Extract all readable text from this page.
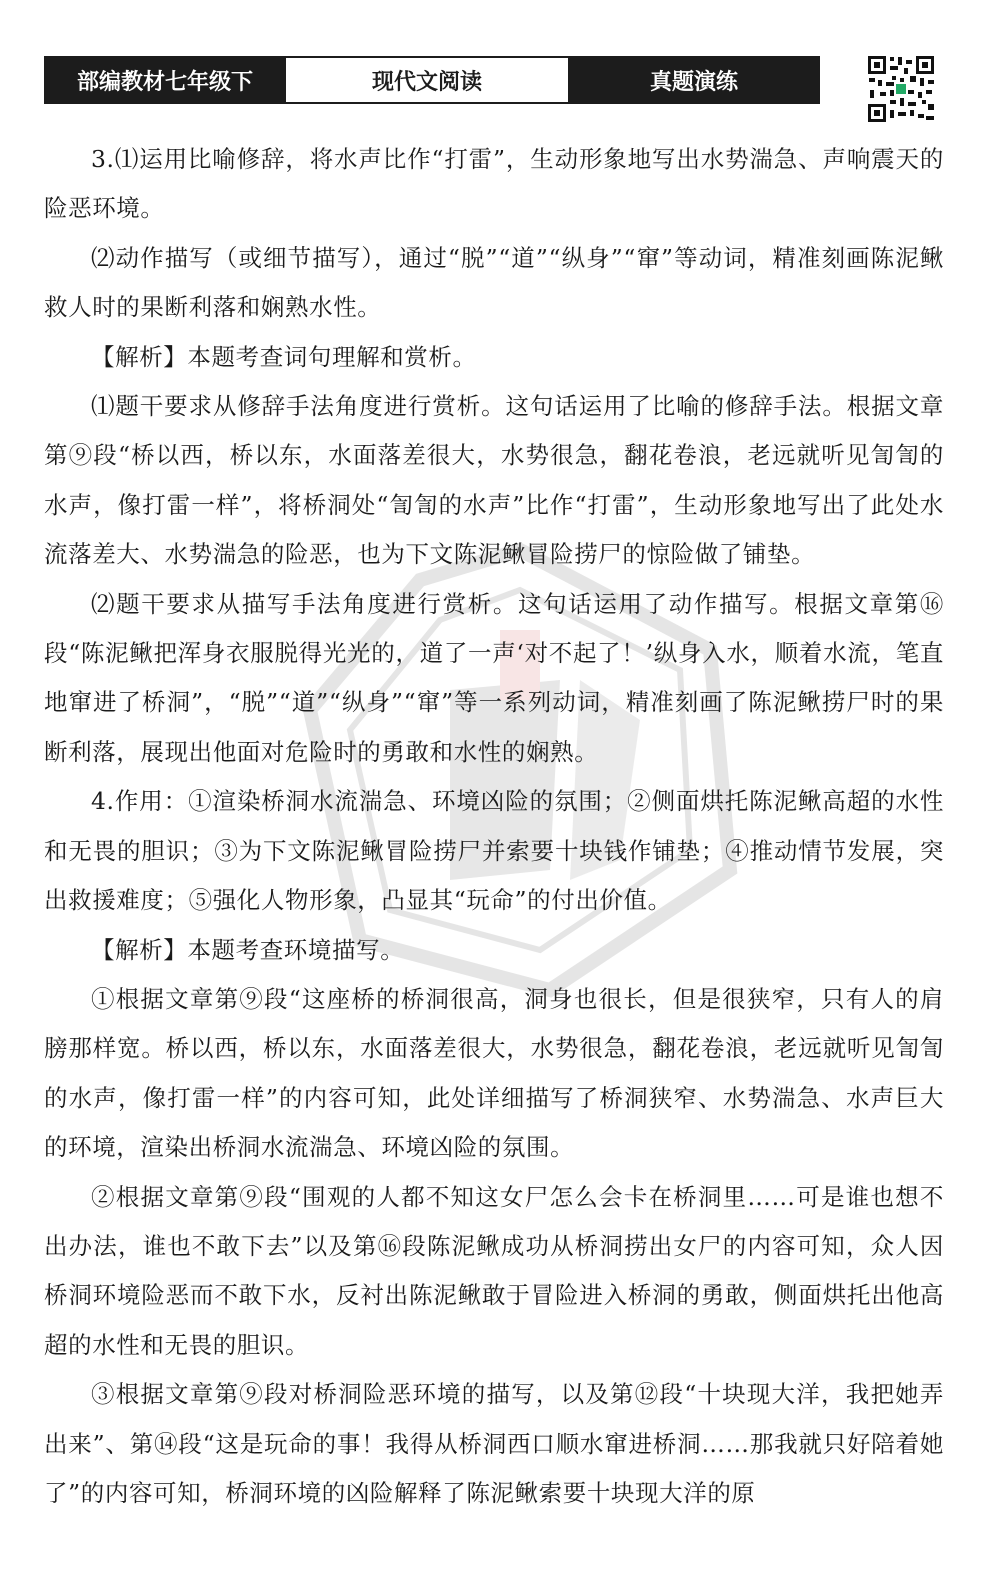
部编教材七年级下	现代文阅读	真题演练

3.⑴运用比喻修辞，将水声比作“打雷”，生动形象地写出水势湍急、声响震天的险恶环境。

⑵动作描写（或细节描写），通过“脱”“道”“纵身”“窜”等动词，精准刻画陈泥鳅救人时的果断利落和娴熟水性。

【解析】本题考查词句理解和赏析。

⑴题干要求从修辞手法角度进行赏析。这句话运用了比喻的修辞手法。根据文章第⑨段“桥以西，桥以东，水面落差很大，水势很急，翻花卷浪，老远就听见訇訇的水声，像打雷一样”，将桥洞处“訇訇的水声”比作“打雷”，生动形象地写出了此处水流落差大、水势湍急的险恶，也为下文陈泥鳅冒险捞尸的惊险做了铺垫。

⑵题干要求从描写手法角度进行赏析。这句话运用了动作描写。根据文章第⑯段“陈泥鳅把浑身衣服脱得光光的，道了一声‘对不起了！’纵身入水，顺着水流，笔直地窜进了桥洞”，“脱”“道”“纵身”“窜”等一系列动词，精准刻画了陈泥鳅捞尸时的果断利落，展现出他面对危险时的勇敢和水性的娴熟。

4.作用：①渲染桥洞水流湍急、环境凶险的氛围；②侧面烘托陈泥鳅高超的水性和无畏的胆识；③为下文陈泥鳅冒险捞尸并索要十块钱作铺垫；④推动情节发展，突出救援难度；⑤强化人物形象，凸显其“玩命”的付出价值。

【解析】本题考查环境描写。

①根据文章第⑨段“这座桥的桥洞很高，洞身也很长，但是很狭窄，只有人的肩膀那样宽。桥以西，桥以东，水面落差很大，水势很急，翻花卷浪，老远就听见訇訇的水声，像打雷一样”的内容可知，此处详细描写了桥洞狭窄、水势湍急、水声巨大的环境，渲染出桥洞水流湍急、环境凶险的氛围。

②根据文章第⑨段“围观的人都不知这女尸怎么会卡在桥洞里……可是谁也想不出办法，谁也不敢下去”以及第⑯段陈泥鳅成功从桥洞捞出女尸的内容可知，众人因桥洞环境险恶而不敢下水，反衬出陈泥鳅敢于冒险进入桥洞的勇敢，侧面烘托出他高超的水性和无畏的胆识。

③根据文章第⑨段对桥洞险恶环境的描写，以及第⑫段“十块现大洋，我把她弄出来”、第⑭段“这是玩命的事！我得从桥洞西口顺水窜进桥洞……那我就只好陪着她了”的内容可知，桥洞环境的凶险解释了陈泥鳅索要十块现大洋的原
